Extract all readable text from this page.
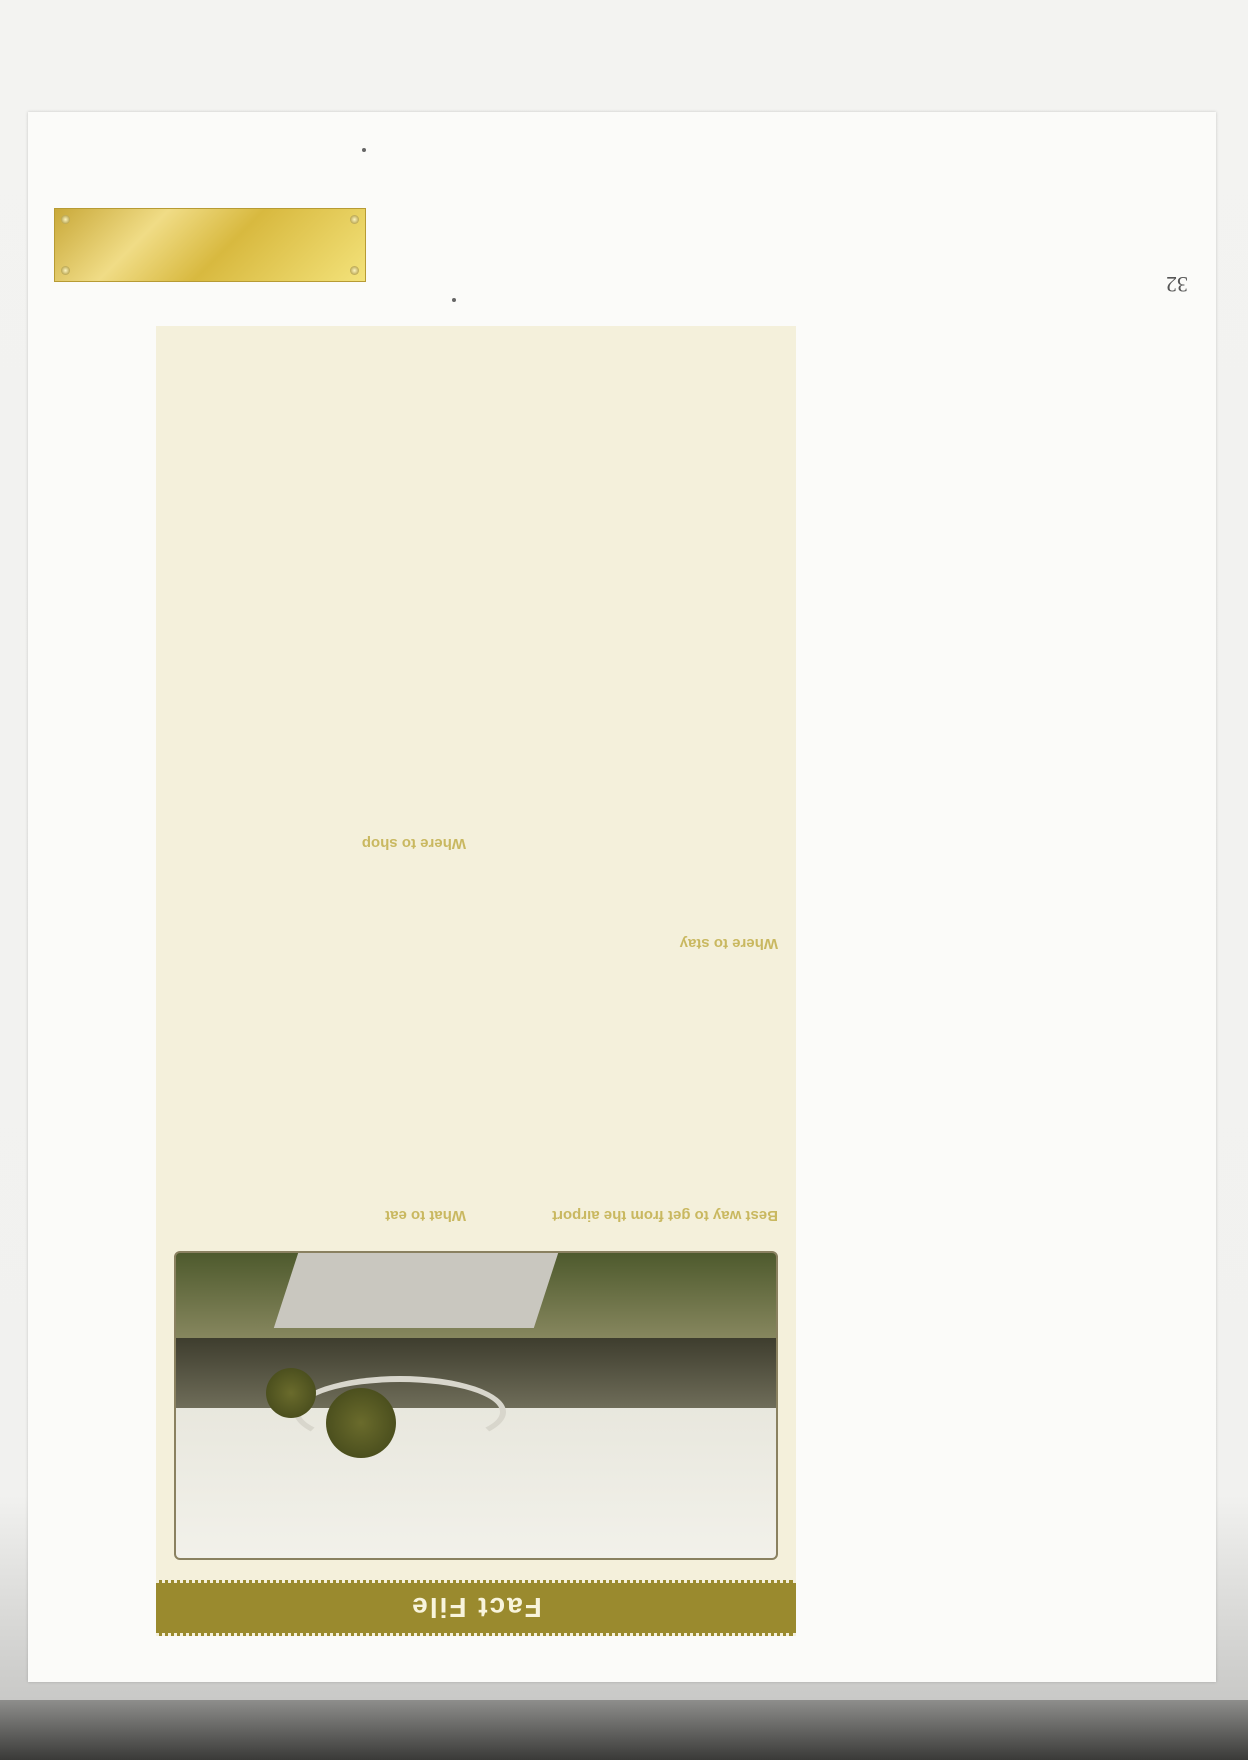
32
Fact File
Best way to get from the airport
Where to stay
What to eat
Where to shop
